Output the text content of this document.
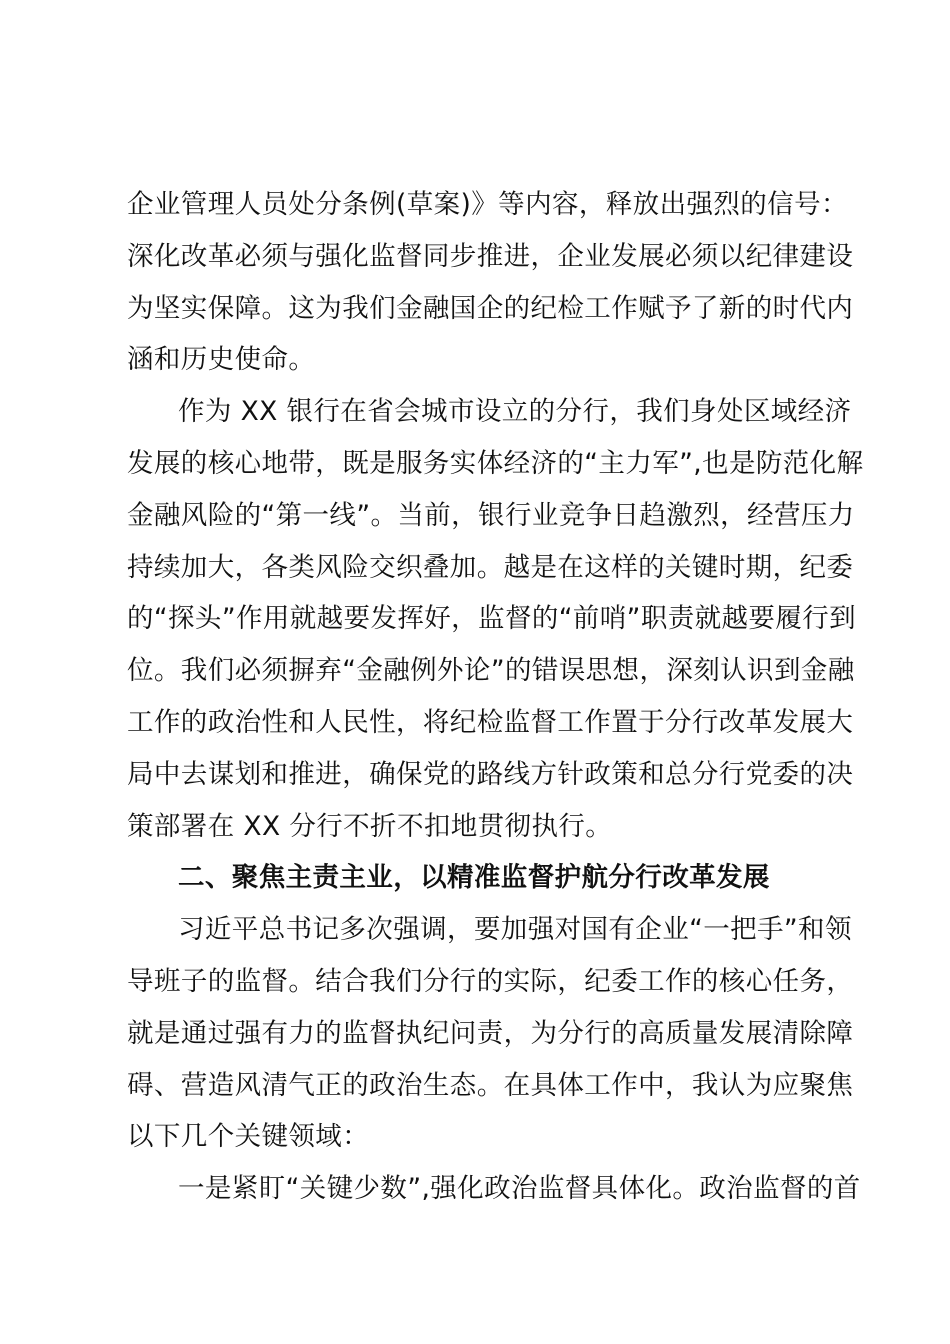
企业管理人员处分条例(草案)》等内容，释放出强烈的信号：
深化改革必须与强化监督同步推进，企业发展必须以纪律建设
为坚实保障。这为我们金融国企的纪检工作赋予了新的时代内
涵和历史使命。
作为 XX 银行在省会城市设立的分行，我们身处区域经济
发展的核心地带，既是服务实体经济的“主力军”,也是防范化解
金融风险的“第一线”。当前，银行业竞争日趋激烈，经营压力
持续加大，各类风险交织叠加。越是在这样的关键时期，纪委
的“探头”作用就越要发挥好，监督的“前哨”职责就越要履行到
位。我们必须摒弃“金融例外论”的错误思想，深刻认识到金融
工作的政治性和人民性，将纪检监督工作置于分行改革发展大
局中去谋划和推进，确保党的路线方针政策和总分行党委的决
策部署在 XX 分行不折不扣地贯彻执行。
二、聚焦主责主业，以精准监督护航分行改革发展
习近平总书记多次强调，要加强对国有企业“一把手”和领
导班子的监督。结合我们分行的实际，纪委工作的核心任务，
就是通过强有力的监督执纪问责，为分行的高质量发展清除障
碍、营造风清气正的政治生态。在具体工作中，我认为应聚焦
以下几个关键领域：
一是紧盯“关键少数”,强化政治监督具体化。政治监督的首
